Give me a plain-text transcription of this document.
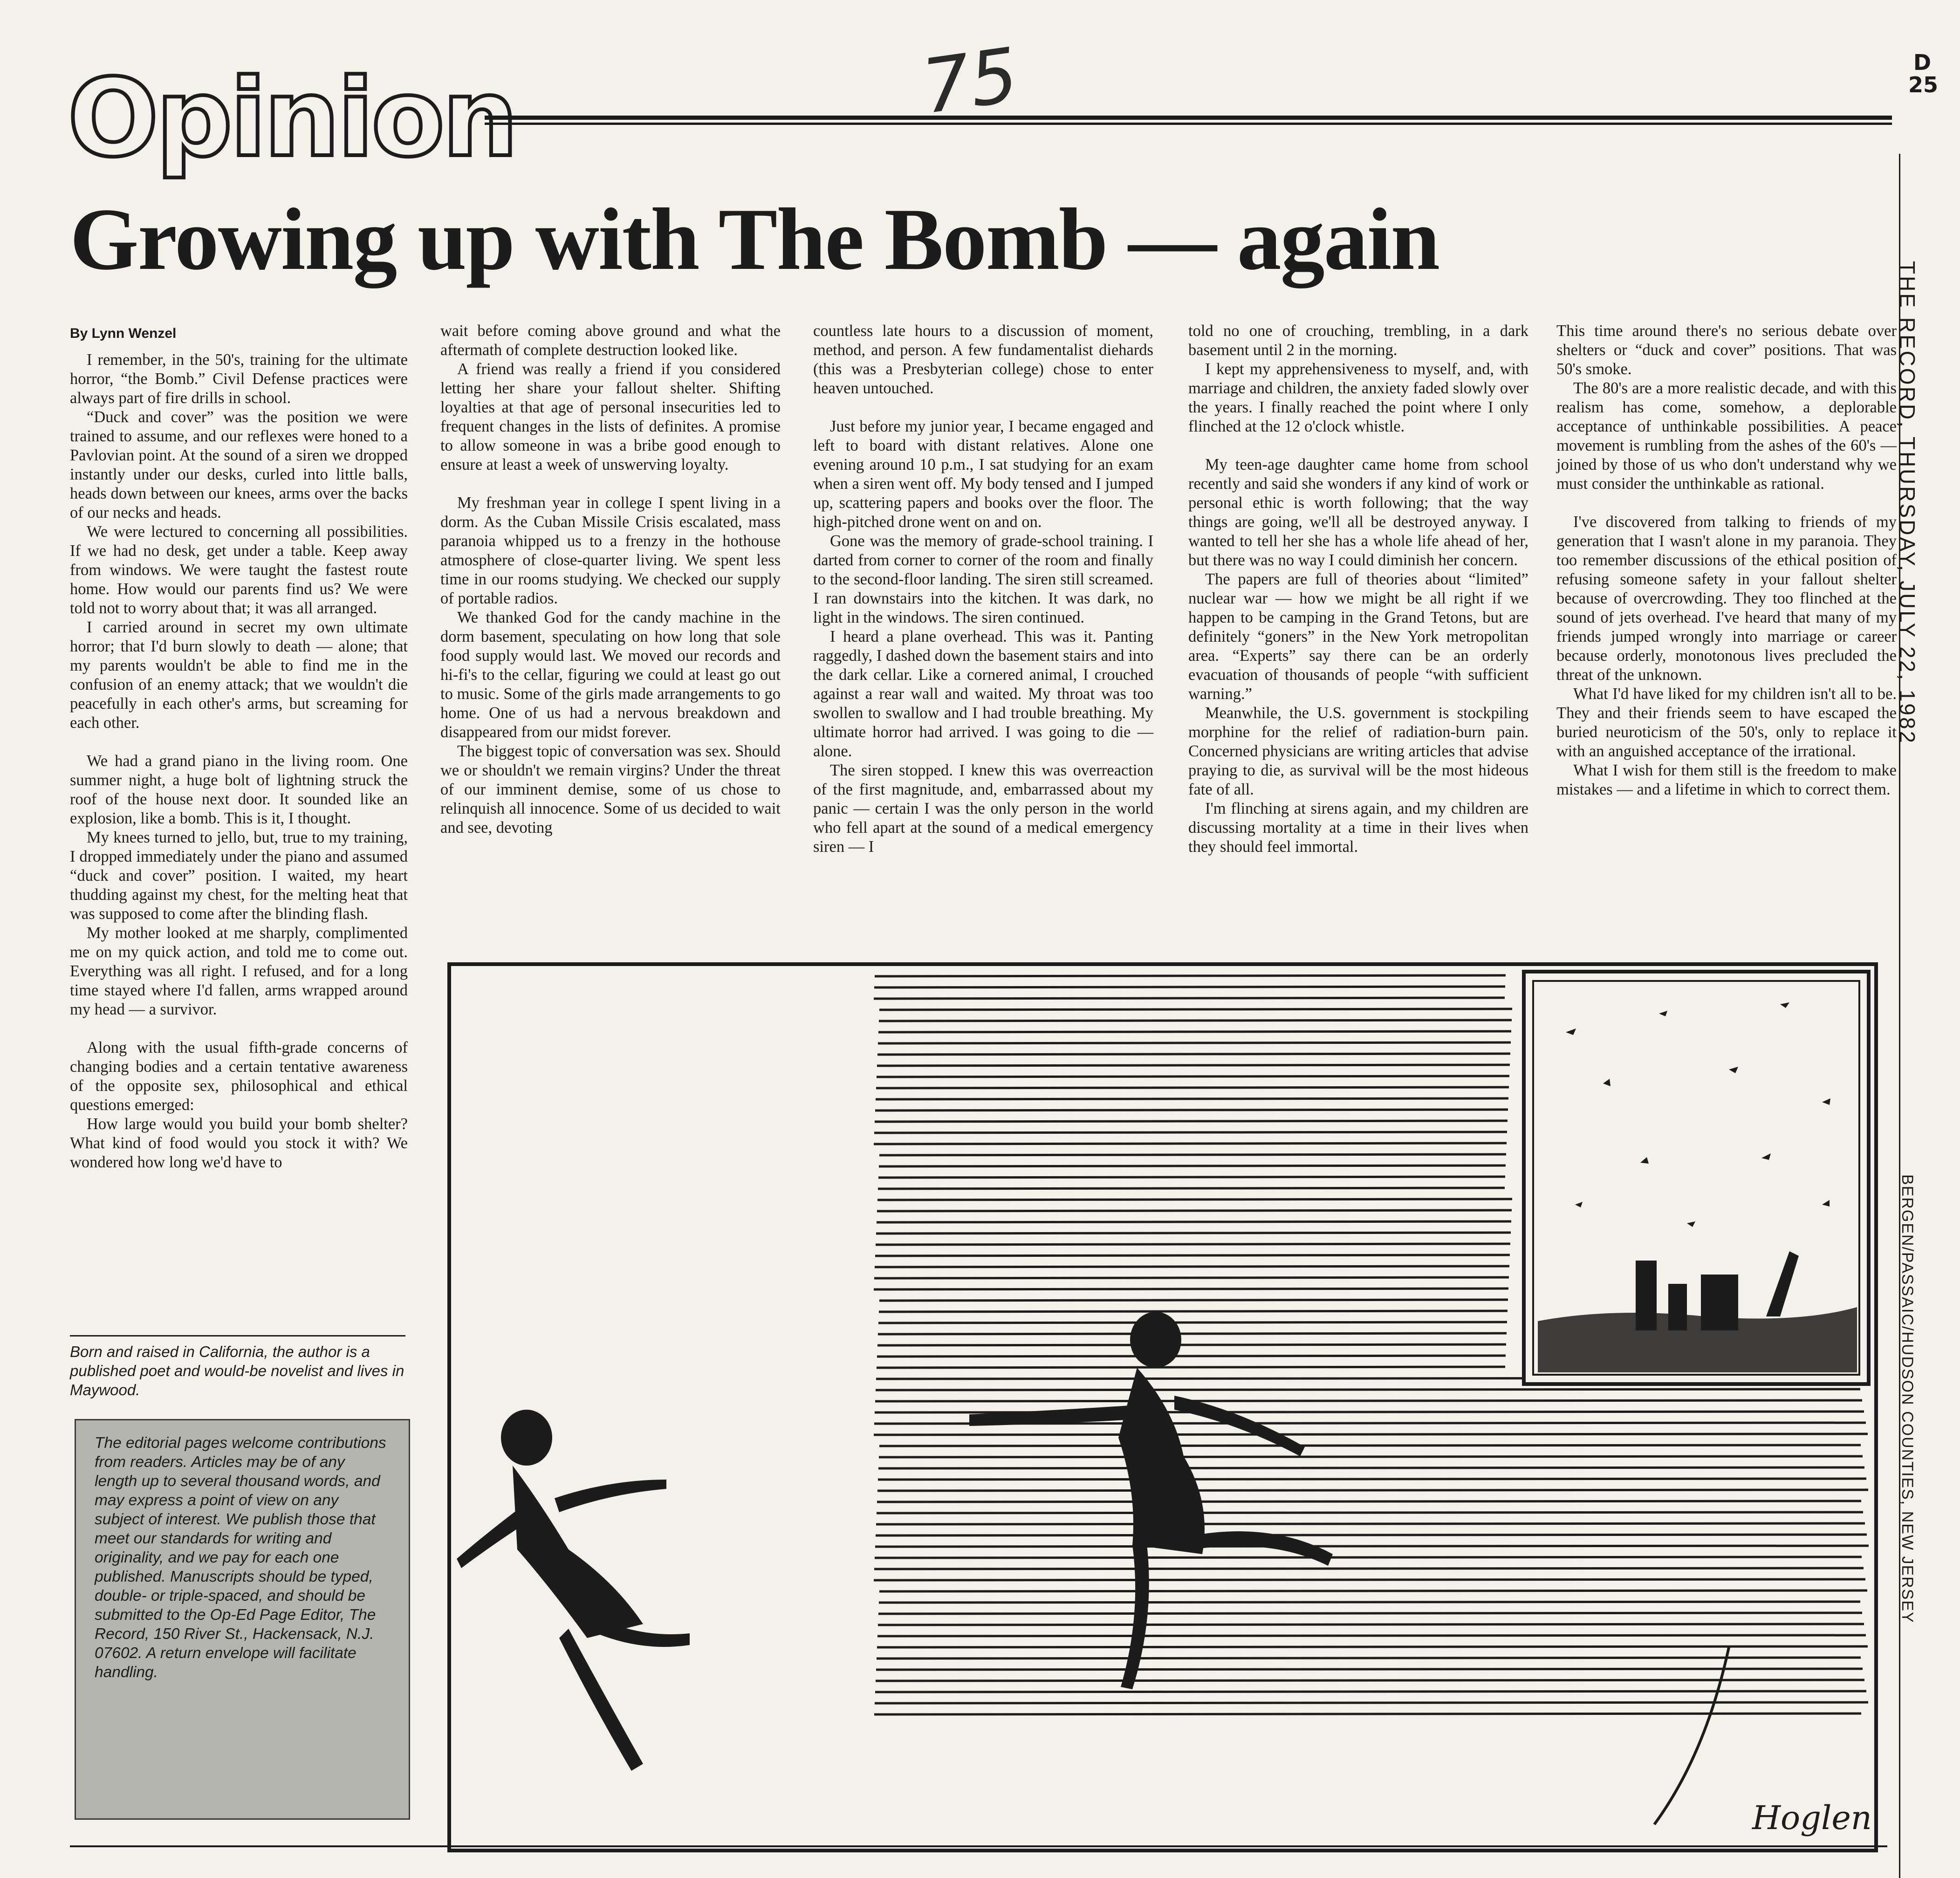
Opinion	75	D
25
THE RECORD, THURSDAY, JULY 22, 1982
BERGEN/PASSAIC/HUDSON COUNTIES, NEW JERSEY
Growing up with The Bomb — again

By Lynn Wenzel

I remember, in the 50's, training for the ultimate horror, “the Bomb.” Civil Defense practices were always part of fire drills in school.

“Duck and cover” was the position we were trained to assume, and our reflexes were honed to a Pavlovian point. At the sound of a siren we dropped instantly under our desks, curled into little balls, heads down between our knees, arms over the backs of our necks and heads.

We were lectured to concerning all possibilities. If we had no desk, get under a table. Keep away from windows. We were taught the fastest route home. How would our parents find us? We were told not to worry about that; it was all arranged.

I carried around in secret my own ultimate horror; that I'd burn slowly to death — alone; that my parents wouldn't be able to find me in the confusion of an enemy attack; that we wouldn't die peacefully in each other's arms, but screaming for each other.

We had a grand piano in the living room. One summer night, a huge bolt of lightning struck the roof of the house next door. It sounded like an explosion, like a bomb. This is it, I thought.

My knees turned to jello, but, true to my training, I dropped immediately under the piano and assumed “duck and cover” position. I waited, my heart thudding against my chest, for the melting heat that was supposed to come after the blinding flash.

My mother looked at me sharply, complimented me on my quick action, and told me to come out. Everything was all right. I refused, and for a long time stayed where I'd fallen, arms wrapped around my head — a survivor.

Along with the usual fifth-grade concerns of changing bodies and a certain tentative awareness of the opposite sex, philosophical and ethical questions emerged:

How large would you build your bomb shelter? What kind of food would you stock it with? We wondered how long we'd have to

wait before coming above ground and what the aftermath of complete destruction looked like.

A friend was really a friend if you considered letting her share your fallout shelter. Shifting loyalties at that age of personal insecurities led to frequent changes in the lists of definites. A promise to allow someone in was a bribe good enough to ensure at least a week of unswerving loyalty.

My freshman year in college I spent living in a dorm. As the Cuban Missile Crisis escalated, mass paranoia whipped us to a frenzy in the hothouse atmosphere of close-quarter living. We spent less time in our rooms studying. We checked our supply of portable radios.

We thanked God for the candy machine in the dorm basement, speculating on how long that sole food supply would last. We moved our records and hi-fi's to the cellar, figuring we could at least go out to music. Some of the girls made arrangements to go home. One of us had a nervous breakdown and disappeared from our midst forever.

The biggest topic of conversation was sex. Should we or shouldn't we remain virgins? Under the threat of our imminent demise, some of us chose to relinquish all innocence. Some of us decided to wait and see, devoting

countless late hours to a discussion of moment, method, and person. A few fundamentalist diehards (this was a Presbyterian college) chose to enter heaven untouched.

Just before my junior year, I became engaged and left to board with distant relatives. Alone one evening around 10 p.m., I sat studying for an exam when a siren went off. My body tensed and I jumped up, scattering papers and books over the floor. The high-pitched drone went on and on.

Gone was the memory of grade-school training. I darted from corner to corner of the room and finally to the second-floor landing. The siren still screamed. I ran downstairs into the kitchen. It was dark, no light in the windows. The siren continued.

I heard a plane overhead. This was it. Panting raggedly, I dashed down the basement stairs and into the dark cellar. Like a cornered animal, I crouched against a rear wall and waited. My throat was too swollen to swallow and I had trouble breathing. My ultimate horror had arrived. I was going to die — alone.

The siren stopped. I knew this was overreaction of the first magnitude, and, embarrassed about my panic — certain I was the only person in the world who fell apart at the sound of a medical emergency siren — I

told no one of crouching, trembling, in a dark basement until 2 in the morning.

I kept my apprehensiveness to myself, and, with marriage and children, the anxiety faded slowly over the years. I finally reached the point where I only flinched at the 12 o'clock whistle.

My teen-age daughter came home from school recently and said she wonders if any kind of work or personal ethic is worth following; that the way things are going, we'll all be destroyed anyway. I wanted to tell her she has a whole life ahead of her, but there was no way I could diminish her concern.

The papers are full of theories about “limited” nuclear war — how we might be all right if we happen to be camping in the Grand Tetons, but are definitely “goners” in the New York metropolitan area. “Experts” say there can be an orderly evacuation of thousands of people “with sufficient warning.”

Meanwhile, the U.S. government is stockpiling morphine for the relief of radiation-burn pain. Concerned physicians are writing articles that advise praying to die, as survival will be the most hideous fate of all.

I'm flinching at sirens again, and my children are discussing mortality at a time in their lives when they should feel immortal.

This time around there's no serious debate over shelters or “duck and cover” positions. That was 50's smoke.

The 80's are a more realistic decade, and with this realism has come, somehow, a deplorable acceptance of unthinkable possibilities. A peace movement is rumbling from the ashes of the 60's — joined by those of us who don't understand why we must consider the unthinkable as rational.

I've discovered from talking to friends of my generation that I wasn't alone in my paranoia. They too remember discussions of the ethical position of refusing someone safety in your fallout shelter because of overcrowding. They too flinched at the sound of jets overhead. I've heard that many of my friends jumped wrongly into marriage or career because orderly, monotonous lives precluded the threat of the unknown.

What I'd have liked for my children isn't all to be. They and their friends seem to have escaped the buried neuroticism of the 50's, only to replace it with an anguished acceptance of the irrational.

What I wish for them still is the freedom to make mistakes — and a lifetime in which to correct them.

Born and raised in California, the author is a published poet and would-be novelist and lives in Maywood.
The editorial pages welcome contributions from readers. Articles may be of any length up to several thousand words, and may express a point of view on any subject of interest. We publish those that meet our standards for writing and originality, and we pay for each one published. Manuscripts should be typed, double- or triple-spaced, and should be submitted to the Op-Ed Page Editor, The Record, 150 River St., Hackensack, N.J. 07602. A return envelope will facilitate handling.
Hoglen
